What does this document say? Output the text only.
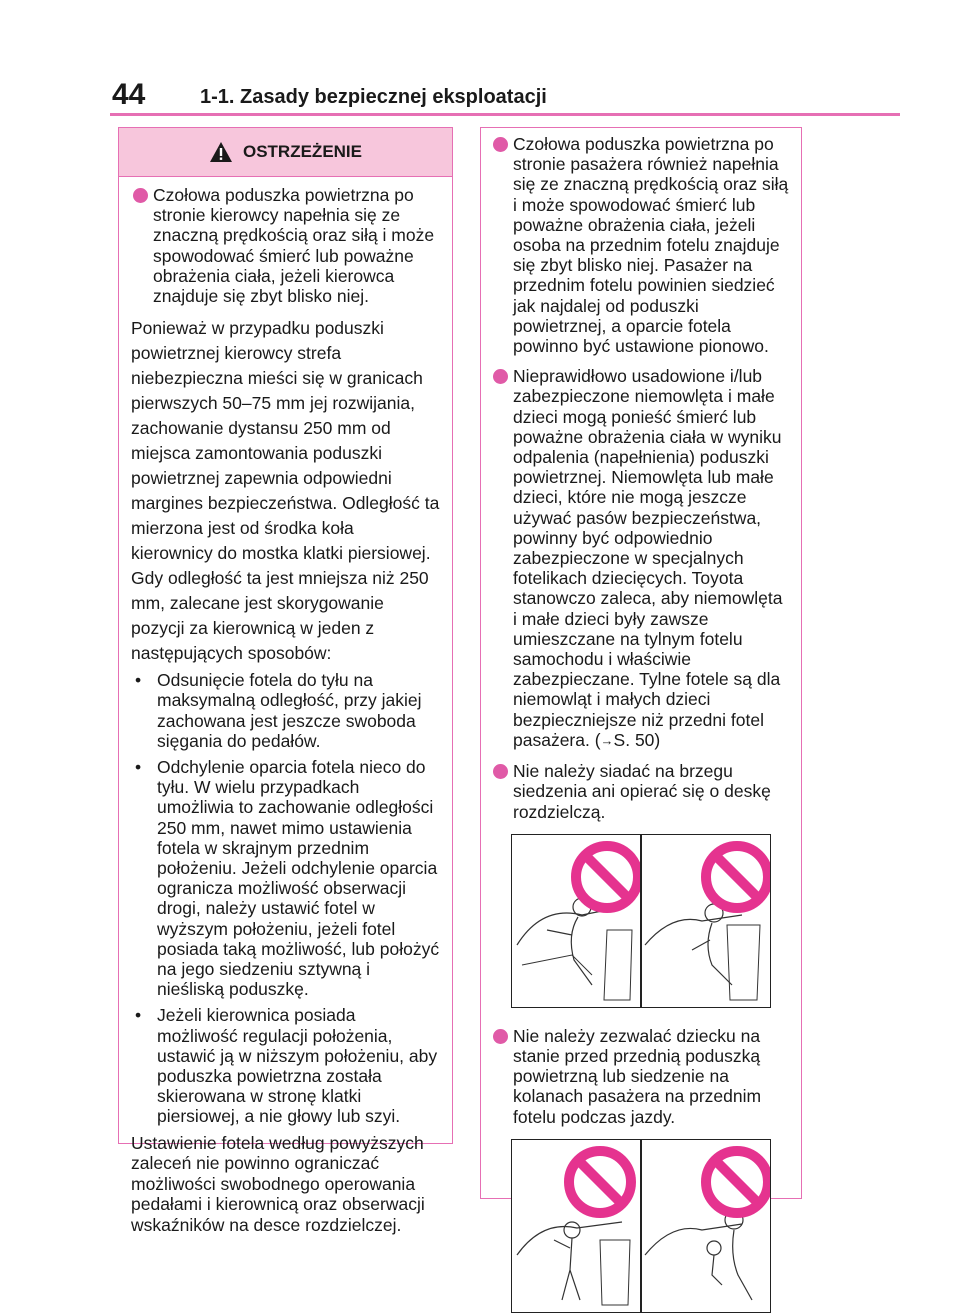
44	1-1. Zasady bezpiecznej eksploatacji
OSTRZEŻENIE
Czołowa poduszka powietrzna po stronie kierowcy napełnia się ze znaczną prędkością oraz siłą i może spowodować śmierć lub poważne obrażenia ciała, jeżeli kierowca znajduje się zbyt blisko niej.
Ponieważ w przypadku poduszki powietrznej kierowcy strefa niebezpieczna mieści się w granicach pierwszych 50–75 mm jej rozwijania, zachowanie dystansu 250 mm od miejsca zamontowania poduszki powietrznej zapewnia odpowiedni margines bezpieczeństwa. Odległość ta mierzona jest od środka koła kierownicy do mostka klatki piersiowej. Gdy odległość ta jest mniejsza niż 250 mm, zalecane jest skorygowanie pozycji za kierownicą w jeden z następujących sposobów:
• Odsunięcie fotela do tyłu na maksymalną odległość, przy jakiej zachowana jest jeszcze swoboda sięgania do pedałów.
• Odchylenie oparcia fotela nieco do tyłu. W wielu przypadkach umożliwia to zachowanie odległości 250 mm, nawet mimo ustawienia fotela w skrajnym przednim położeniu. Jeżeli odchylenie oparcia ogranicza możliwość obserwacji drogi, należy ustawić fotel w wyższym położeniu, jeżeli fotel posiada taką możliwość, lub położyć na jego siedzeniu sztywną i nieśliską poduszkę.
• Jeżeli kierownica posiada możliwość regulacji położenia, ustawić ją w niższym położeniu, aby poduszka powietrzna została skierowana w stronę klatki piersiowej, a nie głowy lub szyi.
Ustawienie fotela według powyższych zaleceń nie powinno ograniczać możliwości swobodnego operowania pedałami i kierownicą oraz obserwacji wskaźników na desce rozdzielczej.
Czołowa poduszka powietrzna po stronie pasażera również napełnia się ze znaczną prędkością oraz siłą i może spowodować śmierć lub poważne obrażenia ciała, jeżeli osoba na przednim fotelu znajduje się zbyt blisko niej. Pasażer na przednim fotelu powinien siedzieć jak najdalej od poduszki powietrznej, a oparcie fotela powinno być ustawione pionowo.
Nieprawidłowo usadowione i/lub zabezpieczone niemowlęta i małe dzieci mogą ponieść śmierć lub poważne obrażenia ciała w wyniku odpalenia (napełnienia) poduszki powietrznej. Niemowlęta lub małe dzieci, które nie mogą jeszcze używać pasów bezpieczeństwa, powinny być odpowiednio zabezpieczone w specjalnych fotelikach dziecięcych. Toyota stanowczo zaleca, aby niemowlęta i małe dzieci były zawsze umieszczane na tylnym fotelu samochodu i właściwie zabezpieczane. Tylne fotele są dla niemowląt i małych dzieci bezpieczniejsze niż przedni fotel pasażera. (→S. 50)
Nie należy siadać na brzegu siedzenia ani opierać się o deskę rozdzielczą.
Nie należy zezwalać dziecku na stanie przed przednią poduszką powietrzną lub siedzenie na kolanach pasażera na przednim fotelu podczas jazdy.
